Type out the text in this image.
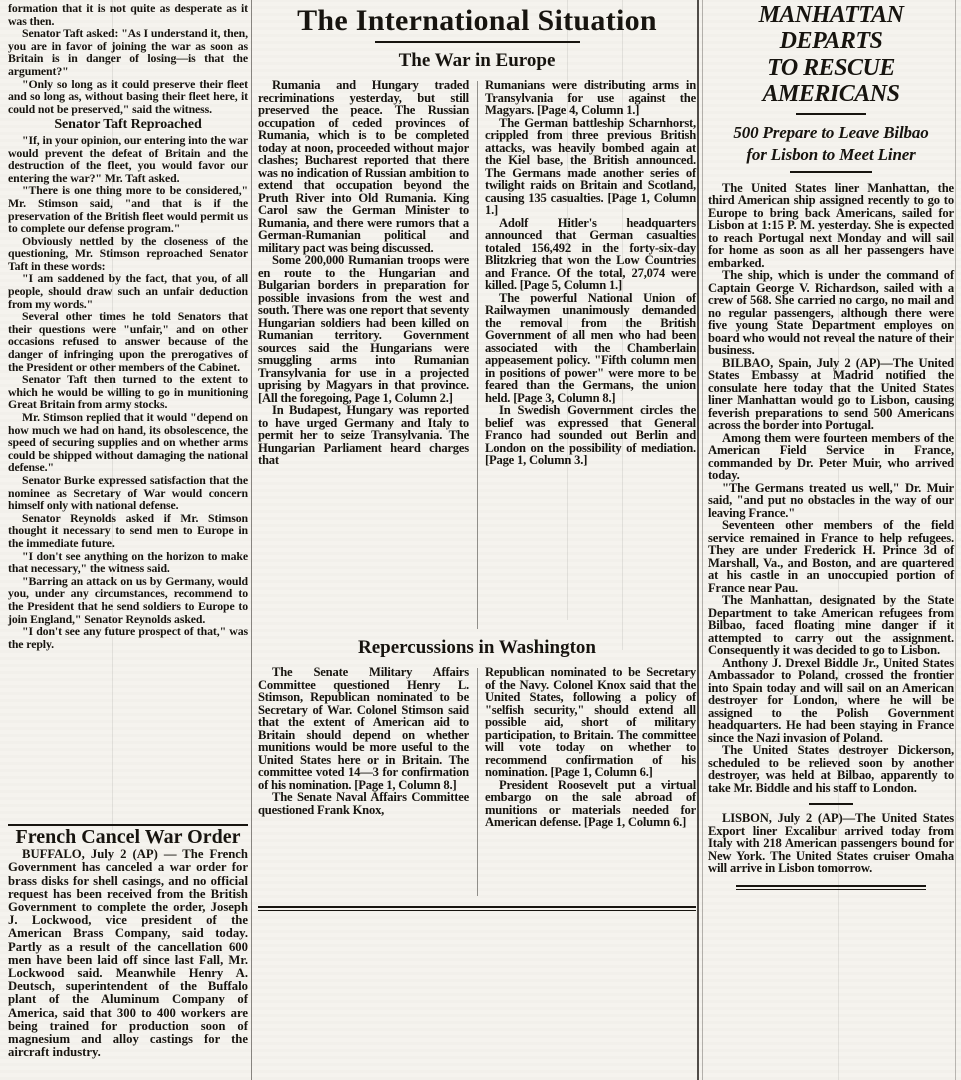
formation that it is not quite as desperate as it was then.

Senator Taft asked: "As I understand it, then, you are in favor of joining the war as soon as Britain is in danger of losing—is that the argument?"

"Only so long as it could preserve their fleet and so long as, without basing their fleet here, it could not be preserved," said the witness.

Senator Taft Reproached

"If, in your opinion, our entering into the war would prevent the defeat of Britain and the destruction of the fleet, you would favor our entering the war?" Mr. Taft asked.

"There is one thing more to be considered," Mr. Stimson said, "and that is if the preservation of the British fleet would permit us to complete our defense program."

Obviously nettled by the closeness of the questioning, Mr. Stimson reproached Senator Taft in these words:

"I am saddened by the fact, that you, of all people, should draw such an unfair deduction from my words."

Several other times he told Senators that their questions were "unfair," and on other occasions refused to answer because of the danger of infringing upon the prerogatives of the President or other members of the Cabinet.

Senator Taft then turned to the extent to which he would be willing to go in munitioning Great Britain from army stocks.

Mr. Stimson replied that it would "depend on how much we had on hand, its obsolescence, the speed of securing supplies and on whether arms could be shipped without damaging the national defense."

Senator Burke expressed satisfaction that the nominee as Secretary of War would concern himself only with national defense.

Senator Reynolds asked if Mr. Stimson thought it necessary to send men to Europe in the immediate future.

"I don't see anything on the horizon to make that necessary," the witness said.

"Barring an attack on us by Germany, would you, under any circumstances, recommend to the President that he send soldiers to Europe to join England," Senator Reynolds asked.

"I don't see any future prospect of that," was the reply.

French Cancel War Order

BUFFALO, July 2 (AP) — The French Government has canceled a war order for brass disks for shell casings, and no official request has been received from the British Government to complete the order, Joseph J. Lockwood, vice president of the American Brass Company, said today. Partly as a result of the cancellation 600 men have been laid off since last Fall, Mr. Lockwood said. Meanwhile Henry A. Deutsch, superintendent of the Buffalo plant of the Aluminum Company of America, said that 300 to 400 workers are being trained for production soon of magnesium and alloy castings for the aircraft industry.

The International Situation
The War in Europe

Rumania and Hungary traded recriminations yesterday, but still preserved the peace. The Russian occupation of ceded provinces of Rumania, which is to be completed today at noon, proceeded without major clashes; Bucharest reported that there was no indication of Russian ambition to extend that occupation beyond the Pruth River into Old Rumania. King Carol saw the German Minister to Rumania, and there were rumors that a German-Rumanian political and military pact was being discussed.

Some 200,000 Rumanian troops were en route to the Hungarian and Bulgarian borders in preparation for possible invasions from the west and south. There was one report that seventy Hungarian soldiers had been killed on Rumanian territory. Government sources said the Hungarians were smuggling arms into Rumanian Transylvania for use in a projected uprising by Magyars in that province. [All the foregoing, Page 1, Column 2.]

In Budapest, Hungary was reported to have urged Germany and Italy to permit her to seize Transylvania. The Hungarian Parliament heard charges that

Rumanians were distributing arms in Transylvania for use against the Magyars. [Page 4, Column 1.]

The German battleship Scharnhorst, crippled from three previous British attacks, was heavily bombed again at the Kiel base, the British announced. The Germans made another series of twilight raids on Britain and Scotland, causing 135 casualties. [Page 1, Column 1.]

Adolf Hitler's headquarters announced that German casualties totaled 156,492 in the forty-six-day Blitzkrieg that won the Low Countries and France. Of the total, 27,074 were killed. [Page 5, Column 1.]

The powerful National Union of Railwaymen unanimously demanded the removal from the British Government of all men who had been associated with the Chamberlain appeasement policy. "Fifth column men in positions of power" were more to be feared than the Germans, the union held. [Page 3, Column 8.]

In Swedish Government circles the belief was expressed that General Franco had sounded out Berlin and London on the possibility of mediation. [Page 1, Column 3.]

Repercussions in Washington

The Senate Military Affairs Committee questioned Henry L. Stimson, Republican nominated to be Secretary of War. Colonel Stimson said that the extent of American aid to Britain should depend on whether munitions would be more useful to the United States here or in Britain. The committee voted 14—3 for confirmation of his nomination. [Page 1, Column 8.]

The Senate Naval Affairs Committee questioned Frank Knox,

Republican nominated to be Secretary of the Navy. Colonel Knox said that the United States, following a policy of "selfish security," should extend all possible aid, short of military participation, to Britain. The committee will vote today on whether to recommend confirmation of his nomination. [Page 1, Column 6.]

President Roosevelt put a virtual embargo on the sale abroad of munitions or materials needed for American defense. [Page 1, Column 6.]

MANHATTAN DEPARTS
TO RESCUE AMERICANS
500 Prepare to Leave Bilbao
for Lisbon to Meet Liner

The United States liner Manhattan, the third American ship assigned recently to go to Europe to bring back Americans, sailed for Lisbon at 1:15 P. M. yesterday. She is expected to reach Portugal next Monday and will sail for home as soon as all her passengers have embarked.

The ship, which is under the command of Captain George V. Richardson, sailed with a crew of 568. She carried no cargo, no mail and no regular passengers, although there were five young State Department employes on board who would not reveal the nature of their business.

BILBAO, Spain, July 2 (AP)—The United States Embassy at Madrid notified the consulate here today that the United States liner Manhattan would go to Lisbon, causing feverish preparations to send 500 Americans across the border into Portugal.

Among them were fourteen members of the American Field Service in France, commanded by Dr. Peter Muir, who arrived today.

"The Germans treated us well," Dr. Muir said, "and put no obstacles in the way of our leaving France."

Seventeen other members of the field service remained in France to help refugees. They are under Frederick H. Prince 3d of Marshall, Va., and Boston, and are quartered at his castle in an unoccupied portion of France near Pau.

The Manhattan, designated by the State Department to take American refugees from Bilbao, faced floating mine danger if it attempted to carry out the assignment. Consequently it was decided to go to Lisbon.

Anthony J. Drexel Biddle Jr., United States Ambassador to Poland, crossed the frontier into Spain today and will sail on an American destroyer for London, where he will be assigned to the Polish Government headquarters. He had been staying in France since the Nazi invasion of Poland.

The United States destroyer Dickerson, scheduled to be relieved soon by another destroyer, was held at Bilbao, apparently to take Mr. Biddle and his staff to London.

LISBON, July 2 (AP)—The United States Export liner Excalibur arrived today from Italy with 218 American passengers bound for New York. The United States cruiser Omaha will arrive in Lisbon tomorrow.
